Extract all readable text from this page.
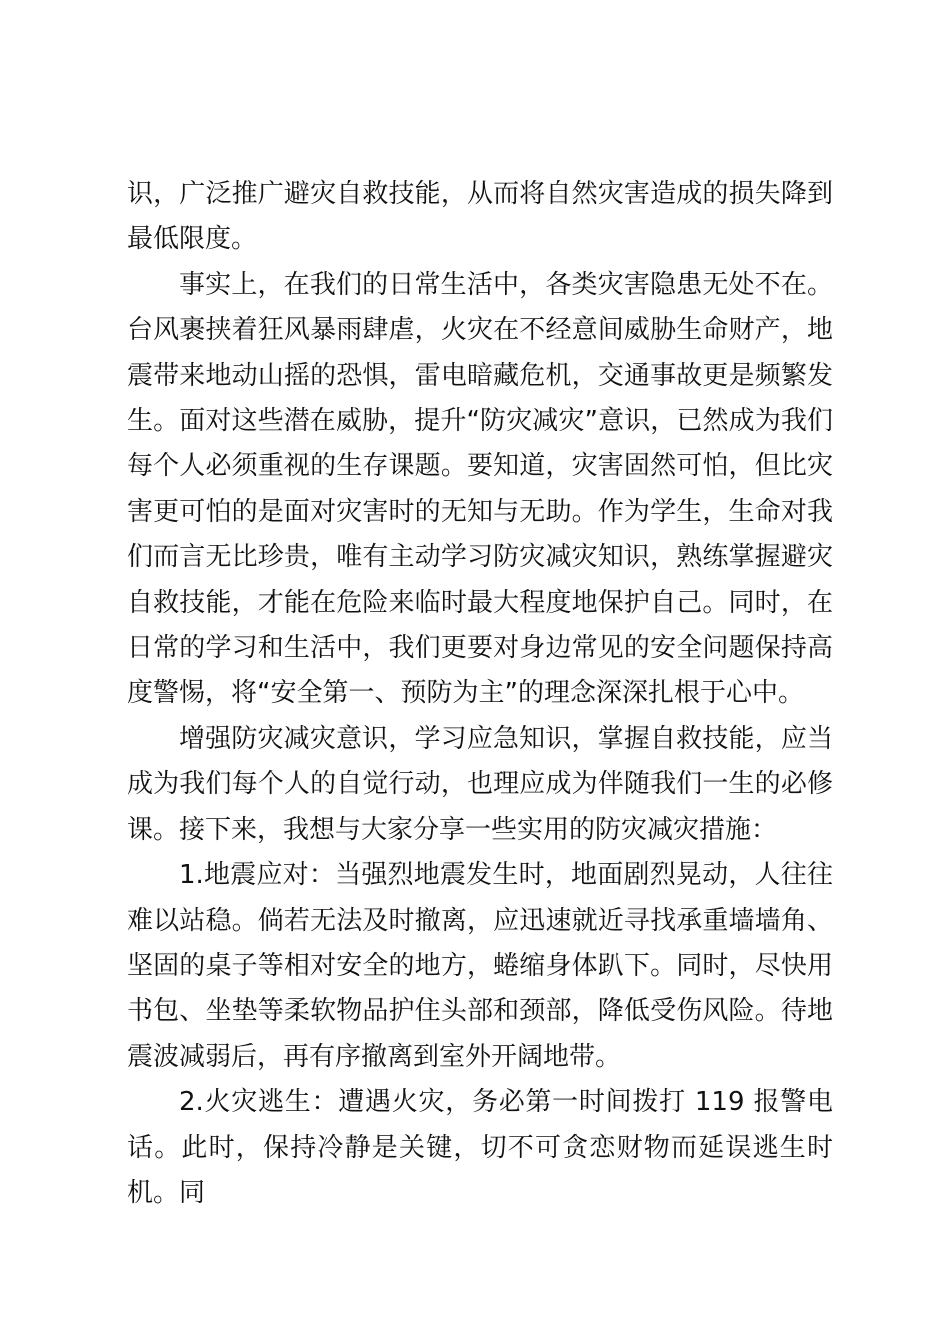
识，广泛推广避灾自救技能，从而将自然灾害造成的损失降到最低限度。

事实上，在我们的日常生活中，各类灾害隐患无处不在。台风裹挟着狂风暴雨肆虐，火灾在不经意间威胁生命财产，地震带来地动山摇的恐惧，雷电暗藏危机，交通事故更是频繁发生。面对这些潜在威胁，提升“防灾减灾”意识，已然成为我们每个人必须重视的生存课题。要知道，灾害固然可怕，但比灾害更可怕的是面对灾害时的无知与无助。作为学生，生命对我们而言无比珍贵，唯有主动学习防灾减灾知识，熟练掌握避灾自救技能，才能在危险来临时最大程度地保护自己。同时，在日常的学习和生活中，我们更要对身边常见的安全问题保持高度警惕，将“安全第一、预防为主”的理念深深扎根于心中。

增强防灾减灾意识，学习应急知识，掌握自救技能，应当成为我们每个人的自觉行动，也理应成为伴随我们一生的必修课。接下来，我想与大家分享一些实用的防灾减灾措施：

1.地震应对：当强烈地震发生时，地面剧烈晃动，人往往难以站稳。倘若无法及时撤离，应迅速就近寻找承重墙墙角、坚固的桌子等相对安全的地方，蜷缩身体趴下。同时，尽快用书包、坐垫等柔软物品护住头部和颈部，降低受伤风险。待地震波减弱后，再有序撤离到室外开阔地带。

2.火灾逃生：遭遇火灾，务必第一时间拨打 119 报警电话。此时，保持冷静是关键，切不可贪恋财物而延误逃生时机。同
